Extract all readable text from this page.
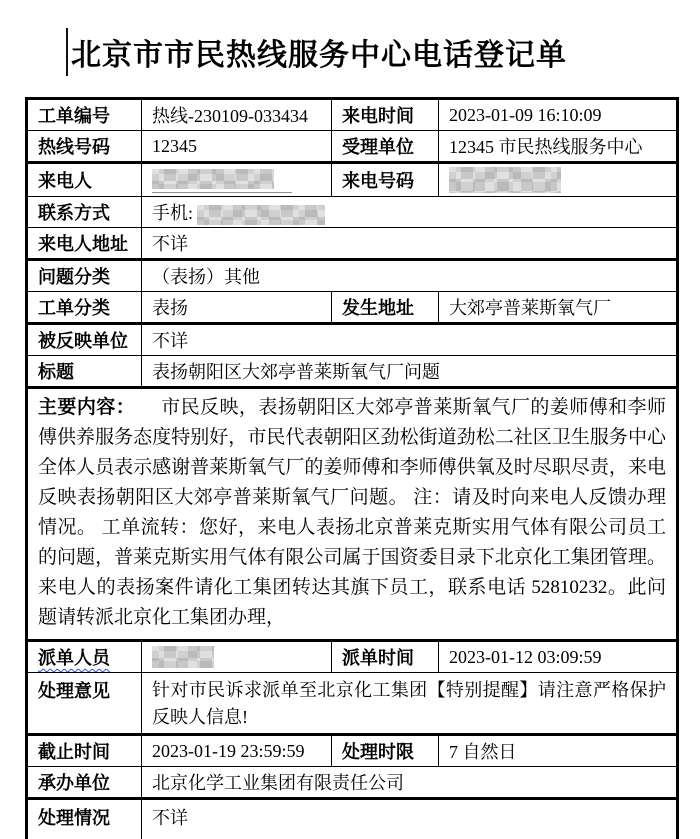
北京市市民热线服务中心电话登记单
工单编号	热线-230109-033434	来电时间	2023-01-09 16:10:09
热线号码	12345	受理单位	12345 市民热线服务中心
来电人		来电号码	
联系方式	手机:		
来电人地址	不详		
问题分类	（表扬）其他		
工单分类	表扬	发生地址	大郊亭普莱斯氧气厂
被反映单位	不详		
标题	表扬朝阳区大郊亭普莱斯氧气厂问题		
主要内容： 市民反映，表扬朝阳区大郊亭普莱斯氧气厂的姜师傅和李师傅供养服务态度特别好，市民代表朝阳区劲松街道劲松二社区卫生服务中心全体人员表示感谢普莱斯氧气厂的姜师傅和李师傅供氧及时尽职尽责，来电反映表扬朝阳区大郊亭普莱斯氧气厂问题。 注：请及时向来电人反馈办理情况。 工单流转：您好，来电人表扬北京普莱克斯实用气体有限公司员工的问题，普莱克斯实用气体有限公司属于国资委目录下北京化工集团管理。来电人的表扬案件请化工集团转达其旗下员工，联系电话 52810232。此问题请转派北京化工集团办理，			
派单人员		派单时间	2023-01-12 03:09:59
处理意见	针对市民诉求派单至北京化工集团【特别提醒】请注意严格保护反映人信息!		
截止时间	2023-01-19 23:59:59	处理时限	7 自然日
承办单位	北京化学工业集团有限责任公司		
处理情况	不详		
